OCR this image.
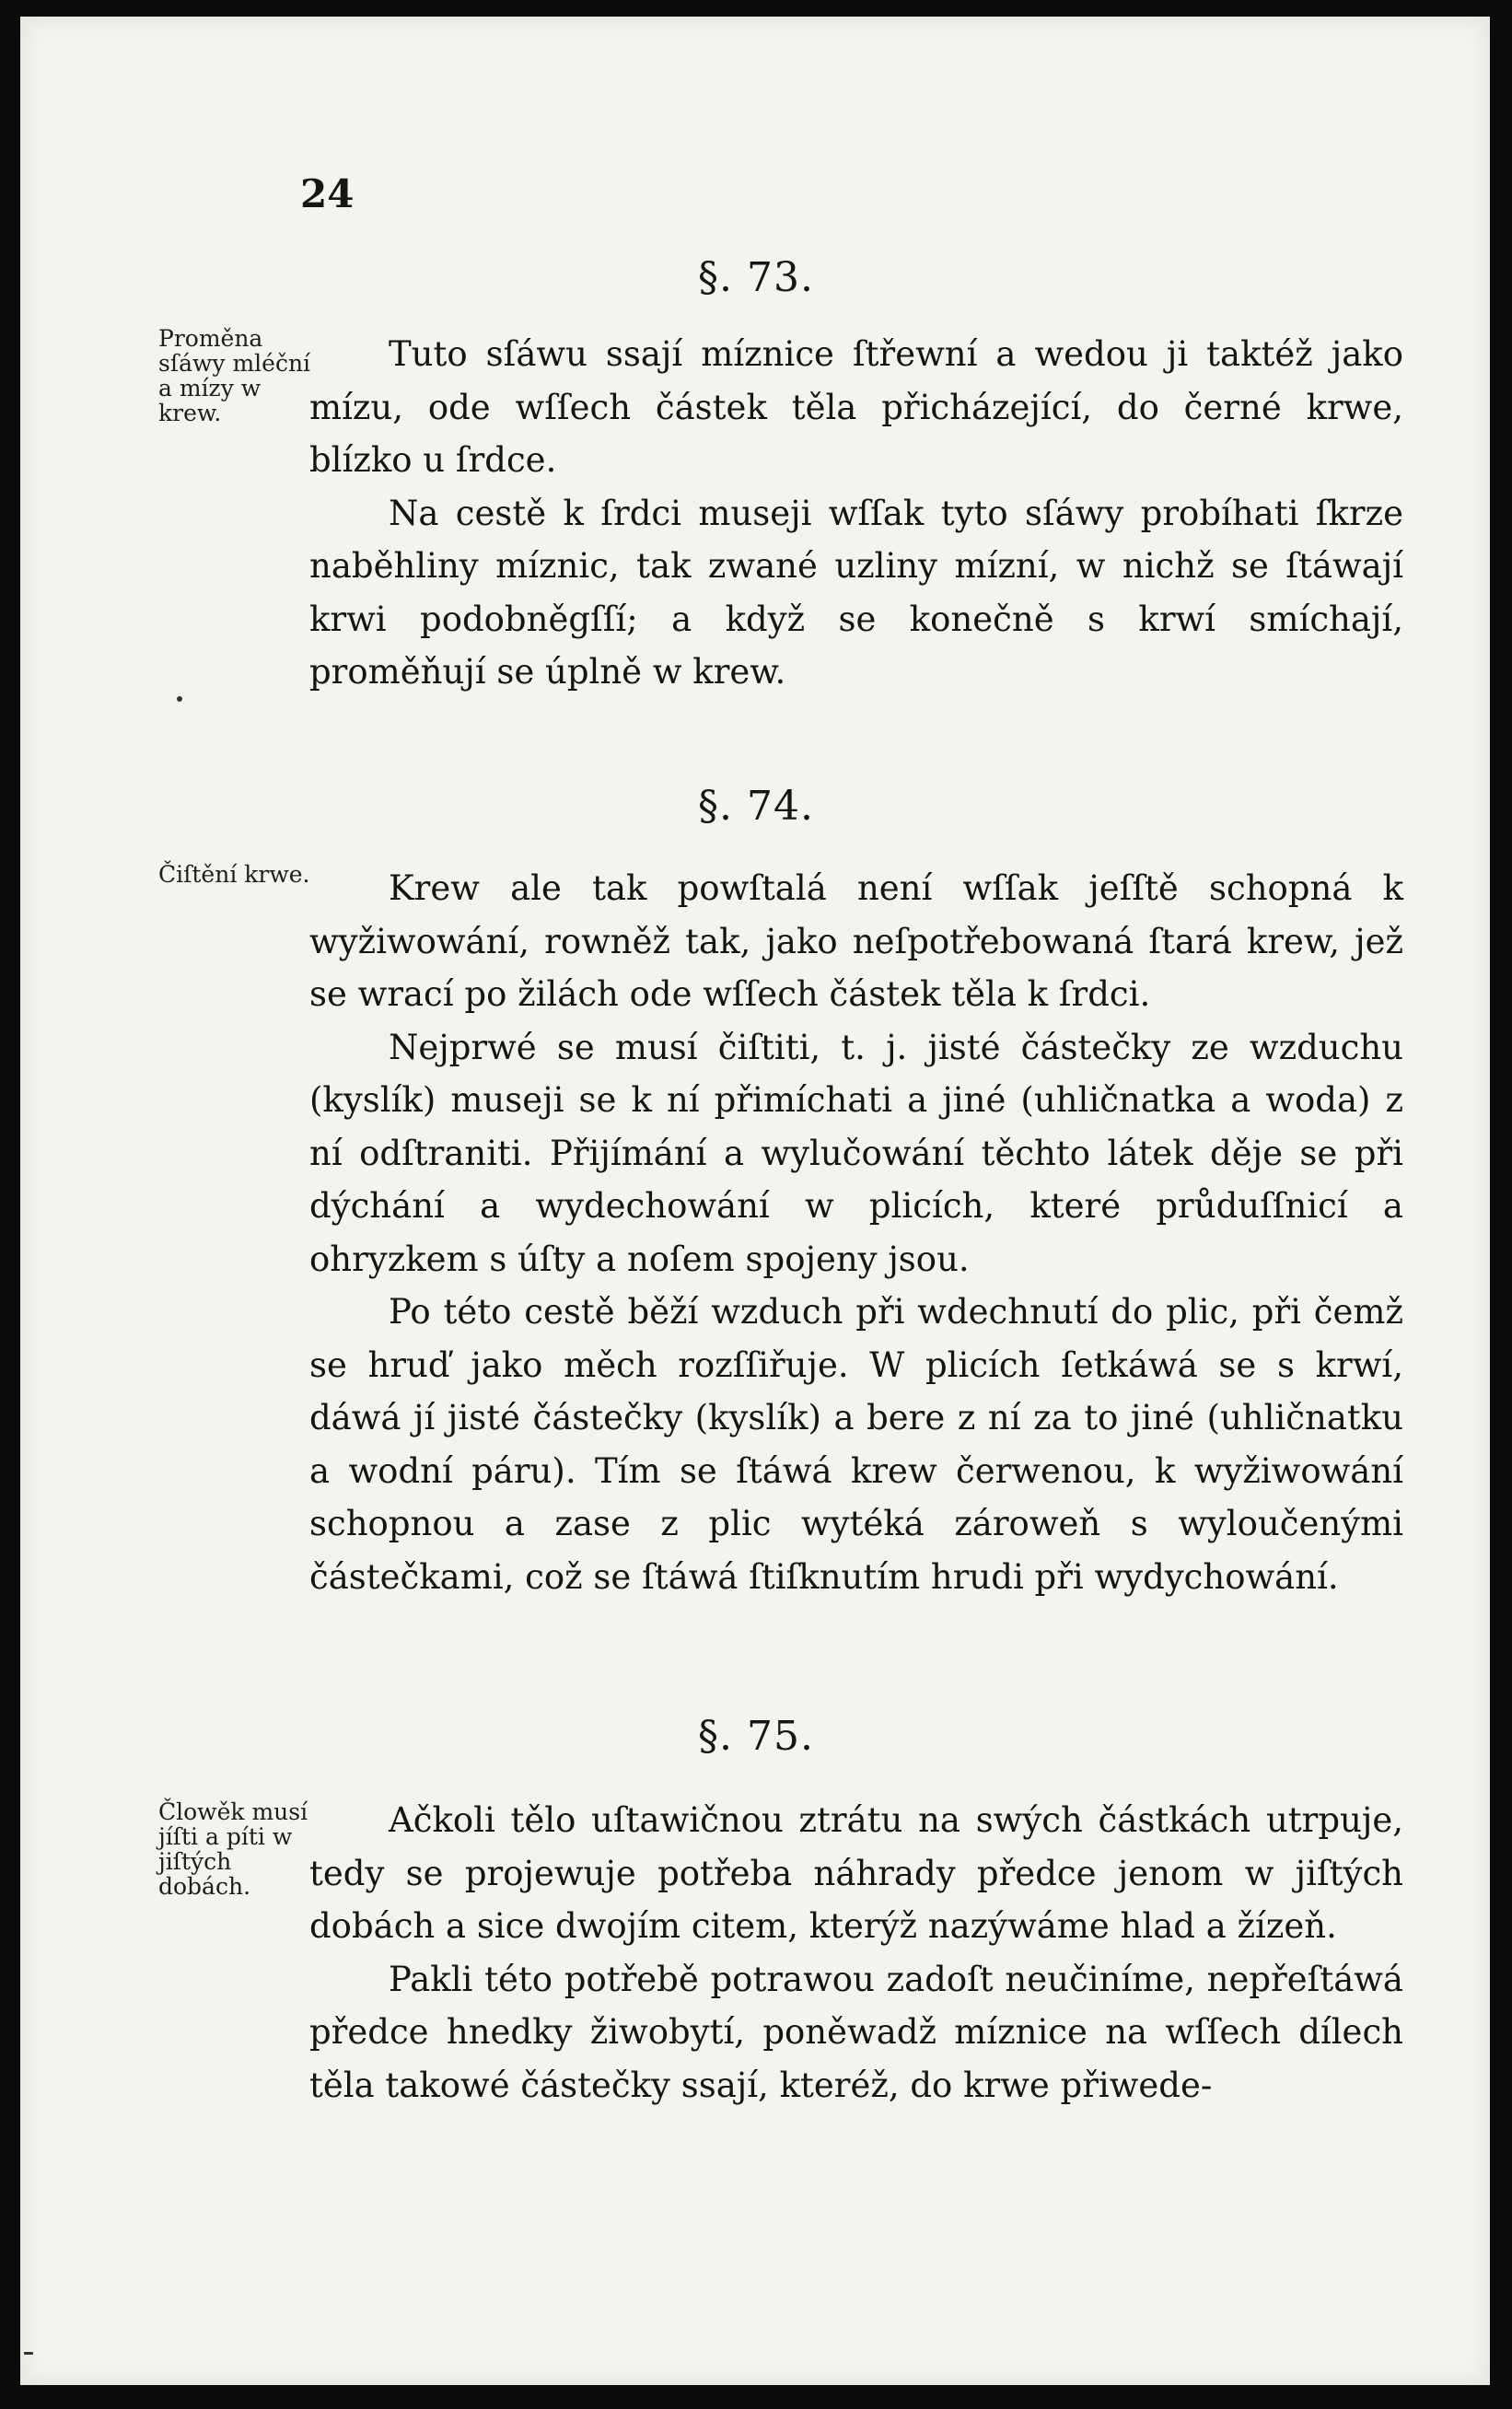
24
§. 73.

Proměna sſáwy mléční a mízy w krew.

Tuto sſáwu ssají míznice ſtřewní a wedou ji taktéž jako mízu, ode wſſech částek těla přicházející, do černé krwe, blízko u ſrdce.

Na cestě k ſrdci museji wſſak tyto sſáwy probíhati ſkrze naběhliny míznic, tak zwané uzliny mízní, w nichž se ſtáwají krwi podobněgſſí; a když se konečně s krwí smíchají, proměňují se úplně w krew.

§. 74.

Čiſtění krwe.	Krew ale tak powſtalá není wſſak jeſſtě schopná k wyžiwowání, rowněž tak, jako neſpotřebowaná ſtará krew, jež se wrací po žilách ode wſſech částek těla k ſrdci.

Nejprwé se musí čiſtiti, t. j. jisté částečky ze wzduchu (kyslík) museji se k ní přimíchati a jiné (uhličnatka a woda) z ní odſtraniti. Přijímání a wylučowání těchto látek děje se při dýchání a wydechowání w plicích, které průduſſnicí a ohryzkem s úſty a noſem spojeny jsou.

Po této cestě běží wzduch při wdechnutí do plic, při čemž se hruď jako měch rozſſiřuje. W plicích ſetkáwá se s krwí, dáwá jí jisté částečky (kyslík) a bere z ní za to jiné (uhličnatku a wodní páru). Tím se ſtáwá krew čerwenou, k wyžiwowání schopnou a zase z plic wytéká zároweň s wyloučenými částečkami, což se ſtáwá ſtiſknutím hrudi při wydychowání.

§. 75.

Člowěk musí jíſti a píti w jiſtých dobách.

Ačkoli tělo uſtawičnou ztrátu na swých částkách utrpuje, tedy se projewuje potřeba náhrady předce jenom w jiſtých dobách a sice dwojím citem, kterýž nazýwáme hlad a žízeň.

Pakli této potřebě potrawou zadoſt neučiníme, nepřeſtáwá předce hnedky žiwobytí, poněwadž míznice na wſſech dílech těla takowé částečky ssají, kteréž, do krwe přiwede-
